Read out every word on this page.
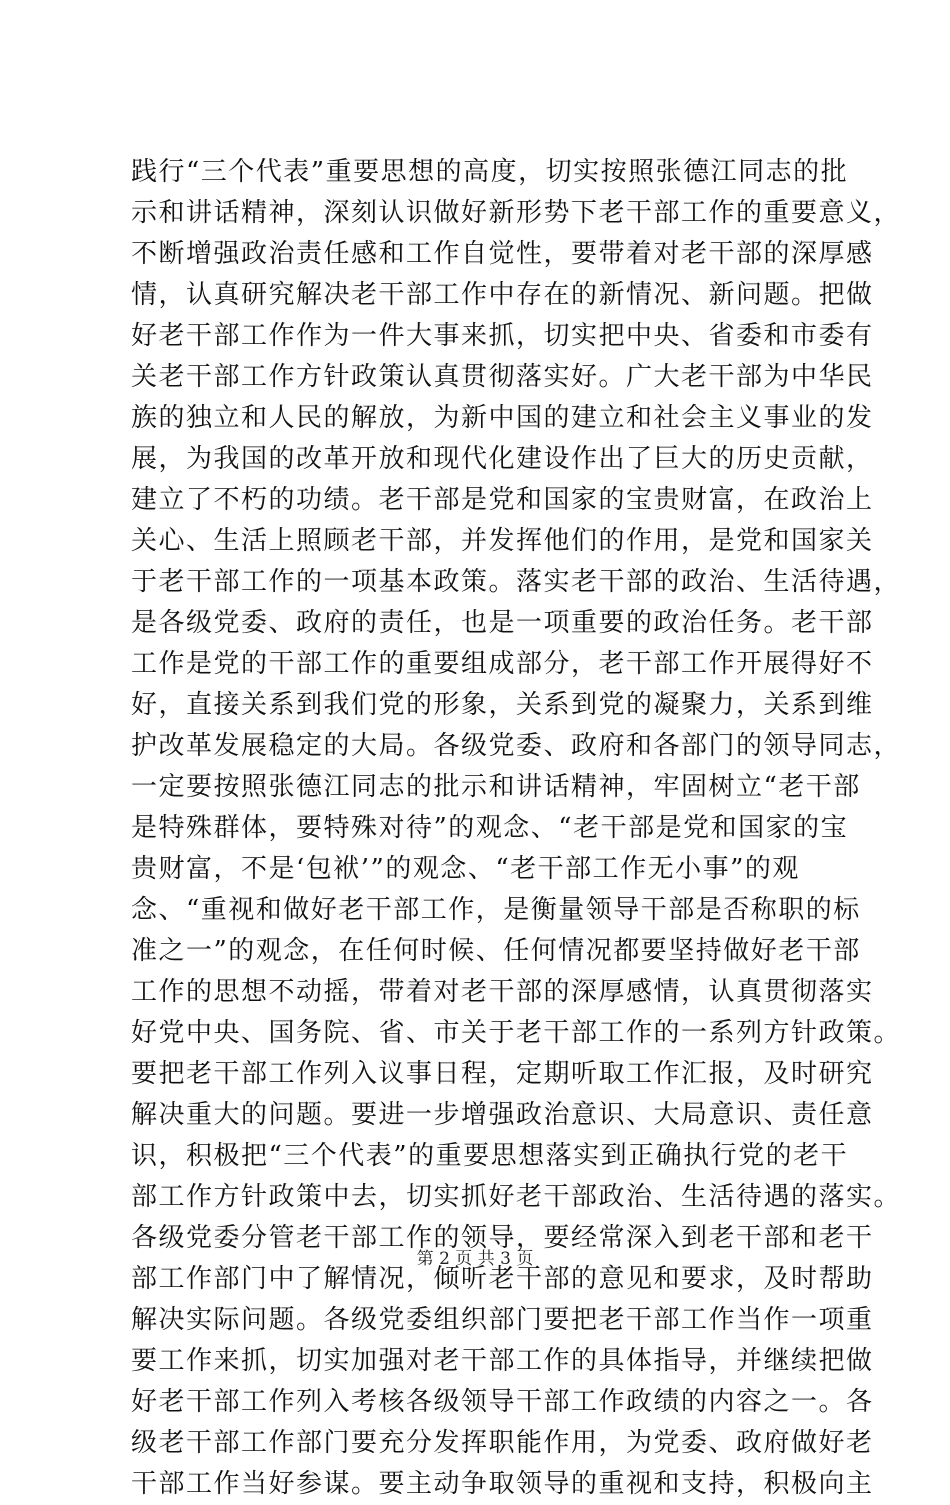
践行“三个代表”重要思想的高度，切实按照张德江同志的批
示和讲话精神，深刻认识做好新形势下老干部工作的重要意义，
不断增强政治责任感和工作自觉性，要带着对老干部的深厚感
情，认真研究解决老干部工作中存在的新情况、新问题。把做
好老干部工作作为一件大事来抓，切实把中央、省委和市委有
关老干部工作方针政策认真贯彻落实好。广大老干部为中华民
族的独立和人民的解放，为新中国的建立和社会主义事业的发
展，为我国的改革开放和现代化建设作出了巨大的历史贡献，
建立了不朽的功绩。老干部是党和国家的宝贵财富，在政治上
关心、生活上照顾老干部，并发挥他们的作用，是党和国家关
于老干部工作的一项基本政策。落实老干部的政治、生活待遇，
是各级党委、政府的责任，也是一项重要的政治任务。老干部
工作是党的干部工作的重要组成部分，老干部工作开展得好不
好，直接关系到我们党的形象，关系到党的凝聚力，关系到维
护改革发展稳定的大局。各级党委、政府和各部门的领导同志，
一定要按照张德江同志的批示和讲话精神，牢固树立“老干部
是特殊群体，要特殊对待”的观念、“老干部是党和国家的宝
贵财富，不是‘包袱’”的观念、“老干部工作无小事”的观
念、“重视和做好老干部工作，是衡量领导干部是否称职的标
准之一”的观念，在任何时候、任何情况都要坚持做好老干部
工作的思想不动摇，带着对老干部的深厚感情，认真贯彻落实
好党中央、国务院、省、市关于老干部工作的一系列方针政策。
要把老干部工作列入议事日程，定期听取工作汇报，及时研究
解决重大的问题。要进一步增强政治意识、大局意识、责任意
识，积极把“三个代表”的重要思想落实到正确执行党的老干
部工作方针政策中去，切实抓好老干部政治、生活待遇的落实。
各级党委分管老干部工作的领导，要经常深入到老干部和老干
部工作部门中了解情况，倾听老干部的意见和要求，及时帮助
解决实际问题。各级党委组织部门要把老干部工作当作一项重
要工作来抓，切实加强对老干部工作的具体指导，并继续把做
好老干部工作列入考核各级领导干部工作政绩的内容之一。各
级老干部工作部门要充分发挥职能作用，为党委、政府做好老
干部工作当好参谋。要主动争取领导的重视和支持，积极向主
第 2 页 共 3 页
